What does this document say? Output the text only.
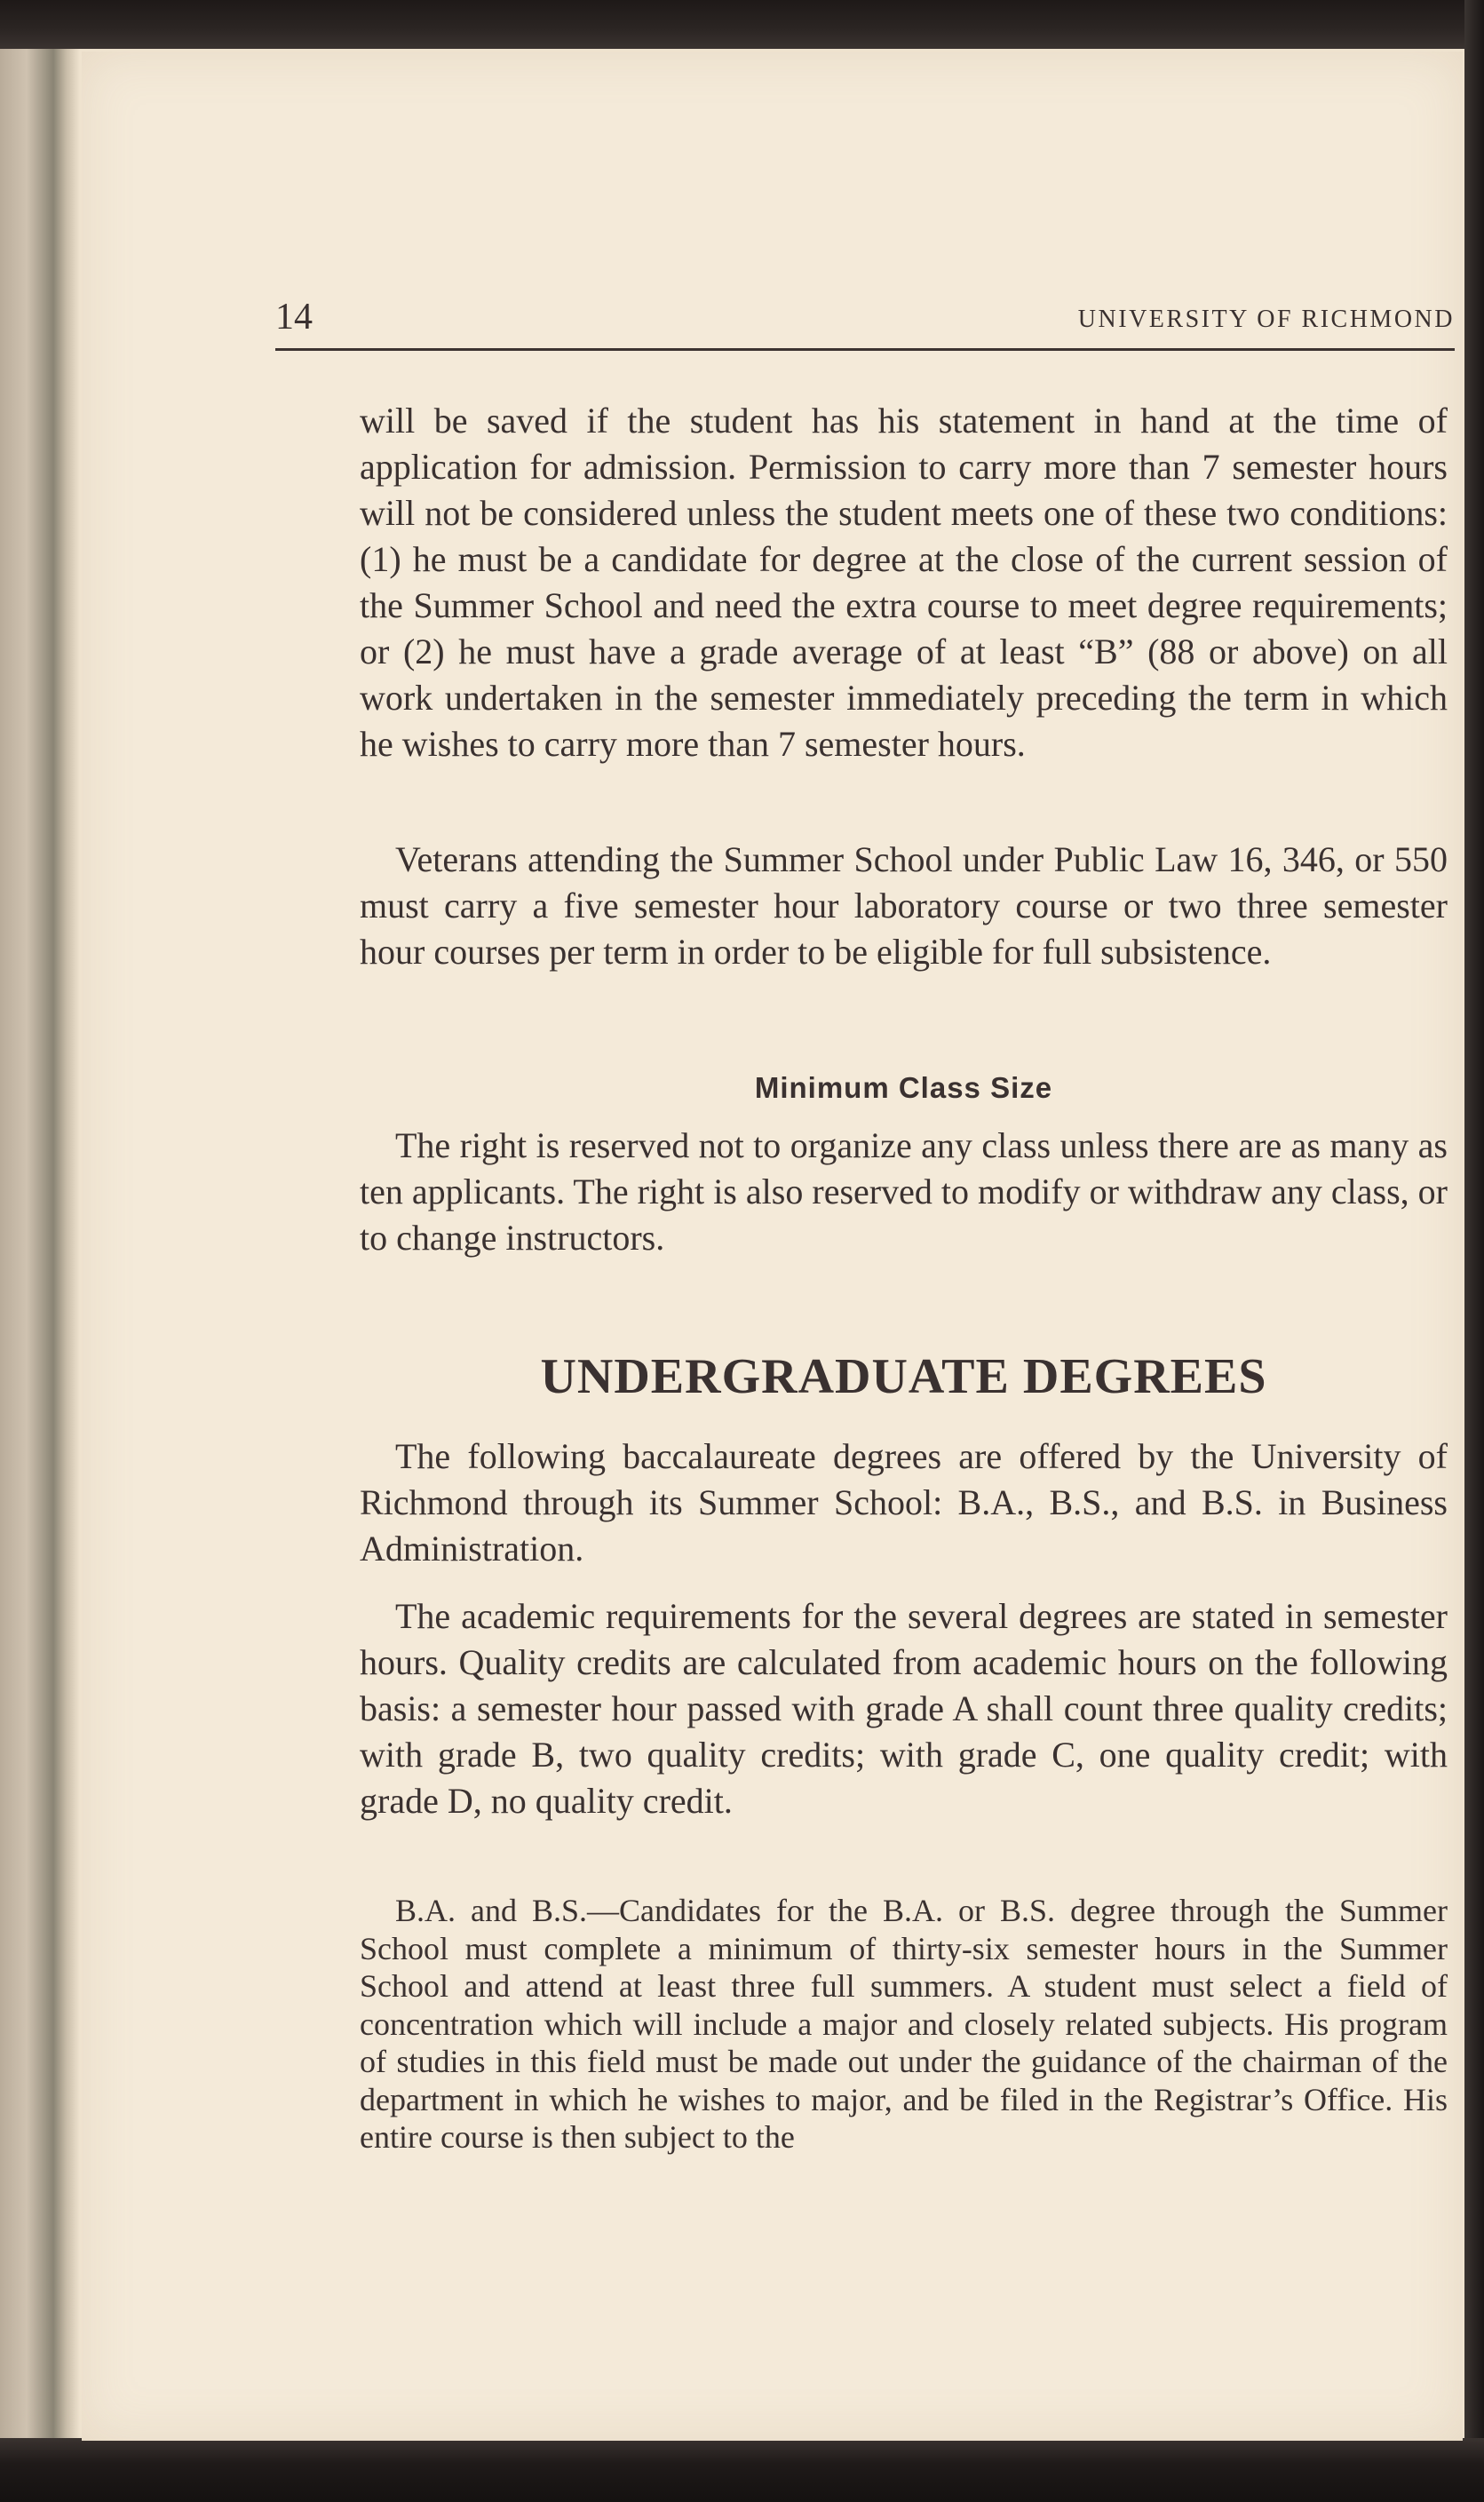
14	UNIVERSITY OF RICHMOND

will be saved if the student has his statement in hand at the time of application for admission. Permission to carry more than 7 semester hours will not be considered unless the student meets one of these two conditions: (1) he must be a candidate for degree at the close of the current session of the Summer School and need the extra course to meet degree requirements; or (2) he must have a grade average of at least “B” (88 or above) on all work undertaken in the semester immediately preceding the term in which he wishes to carry more than 7 semester hours.

Veterans attending the Summer School under Public Law 16, 346, or 550 must carry a five semester hour laboratory course or two three semester hour courses per term in order to be eligible for full subsistence.

Minimum Class Size

The right is reserved not to organize any class unless there are as many as ten applicants. The right is also reserved to modify or withdraw any class, or to change instructors.

UNDERGRADUATE DEGREES

The following baccalaureate degrees are offered by the University of Richmond through its Summer School: B.A., B.S., and B.S. in Business Administration.

The academic requirements for the several degrees are stated in semester hours. Quality credits are calculated from academic hours on the following basis: a semester hour passed with grade A shall count three quality credits; with grade B, two quality credits; with grade C, one quality credit; with grade D, no quality credit.

B.A. and B.S.—Candidates for the B.A. or B.S. degree through the Summer School must complete a minimum of thirty-six semester hours in the Summer School and attend at least three full summers. A student must select a field of concentration which will include a major and closely related subjects. His program of studies in this field must be made out under the guidance of the chairman of the department in which he wishes to major, and be filed in the Registrar’s Office. His entire course is then subject to the
